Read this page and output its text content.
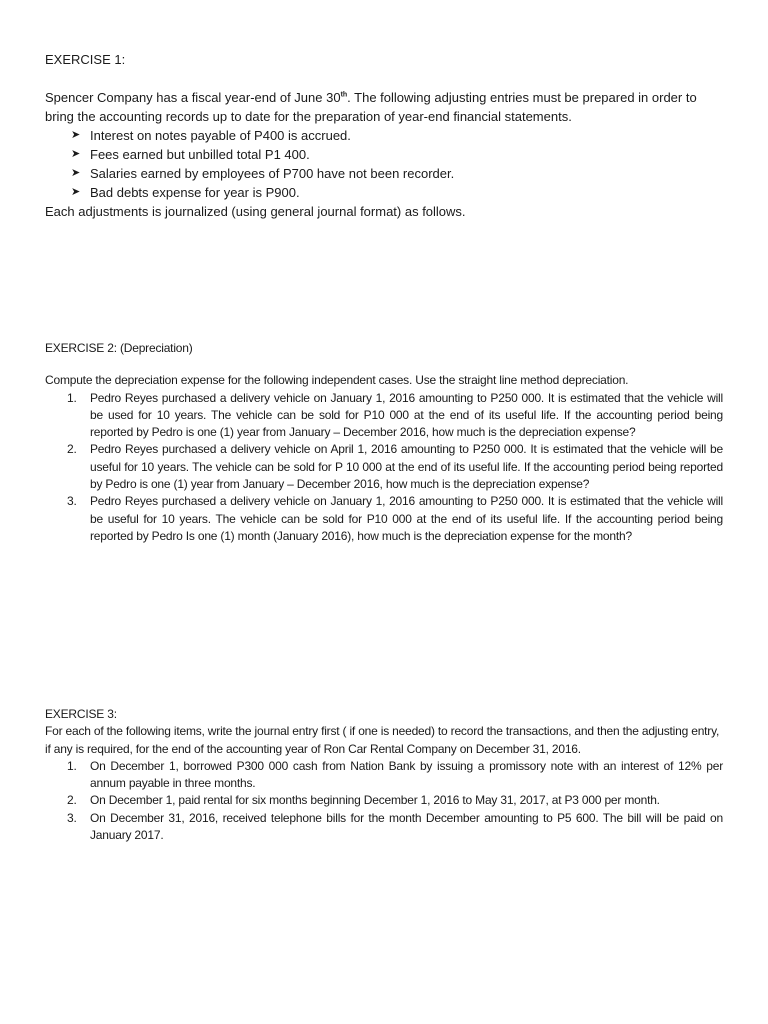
EXERCISE 1:

Spencer Company has a fiscal year-end of June 30th. The following adjusting entries must be prepared in order to bring the accounting records up to date for the preparation of year-end financial statements.

➤ Interest on notes payable of P400 is accrued.
➤ Fees earned but unbilled total P1 400.
➤ Salaries earned by employees of P700 have not been recorder.
➤ Bad debts expense for year is P900.

Each adjustments is journalized (using general journal format) as follows.

EXERCISE 2: (Depreciation)

Compute the depreciation expense for the following independent cases. Use the straight line method depreciation.

1. Pedro Reyes purchased a delivery vehicle on January 1, 2016 amounting to P250 000. It is estimated that the vehicle will be used for 10 years. The vehicle can be sold for P10 000 at the end of its useful life. If the accounting period being reported by Pedro is one (1) year from January – December 2016, how much is the depreciation expense?
2. Pedro Reyes purchased a delivery vehicle on April 1, 2016 amounting to P250 000. It is estimated that the vehicle will be useful for 10 years. The vehicle can be sold for P 10 000 at the end of its useful life. If the accounting period being reported by Pedro is one (1) year from January – December 2016, how much is the depreciation expense?
3. Pedro Reyes purchased a delivery vehicle on January 1, 2016 amounting to P250 000. It is estimated that the vehicle will be useful for 10 years. The vehicle can be sold for P10 000 at the end of its useful life. If the accounting period being reported by Pedro Is one (1) month (January 2016), how much is the depreciation expense for the month?

EXERCISE 3:

For each of the following items, write the journal entry first ( if one is needed) to record the transactions, and then the adjusting entry, if any is required, for the end of the accounting year of Ron Car Rental Company on December 31, 2016.

1. On December 1, borrowed P300 000 cash from Nation Bank by issuing a promissory note with an interest of 12% per annum payable in three months.
2. On December 1, paid rental for six months beginning December 1, 2016 to May 31, 2017, at P3 000 per month.
3. On December 31, 2016, received telephone bills for the month December amounting to P5 600. The bill will be paid on January 2017.
